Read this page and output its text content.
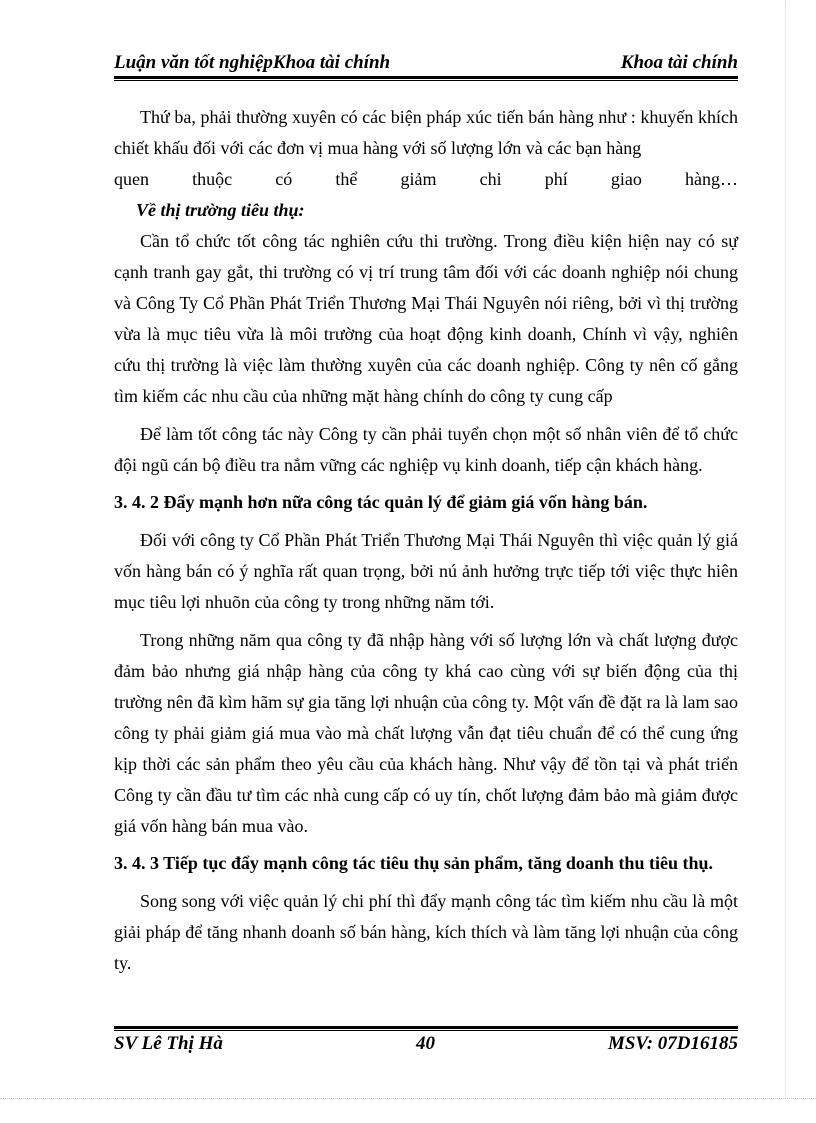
Luận văn tốt nghiệpKhoa tài chính	Khoa tài chính

Thứ ba, phải thường xuyên có các biện pháp xúc tiến bán hàng như : khuyến khích chiết khấu đối với các đơn vị mua hàng với số lượng lớn và các bạn hàng

quen thuộc có thể giảm chi phí giao hàng…

Về thị trường tiêu thụ:

Cần tổ chức tốt công tác nghiên cứu thi trường. Trong điều kiện hiện nay có sự cạnh tranh gay gắt, thi trường có vị trí trung tâm đối với các doanh nghiệp nói chung và Công Ty Cổ Phần Phát Triển Thương Mại Thái Nguyên nói riêng, bởi vì thị trường vừa là mục tiêu vừa là môi trường của hoạt động kinh doanh, Chính vì vậy, nghiên cứu thị trường là việc làm thường xuyên của các doanh nghiệp. Công ty nên cố gắng tìm kiếm các nhu cầu của những mặt hàng chính do công ty cung cấp

Để làm tốt công tác này Công ty cần phải tuyển chọn một số nhân viên để tổ chức đội ngũ cán bộ điều tra nắm vững các nghiệp vụ kinh doanh, tiếp cận khách hàng.

3. 4. 2 Đẩy mạnh hơn nữa công tác quản lý để giảm giá vốn hàng bán.

Đối với công ty Cổ Phần Phát Triển Thương Mại Thái Nguyên thì việc quản lý giá vốn hàng bán có ý nghĩa rất quan trọng, bởi nú ảnh hưởng trực tiếp tới việc thực hiên mục tiêu lợi nhuõn của công ty trong những năm tới.

Trong những năm qua công ty đã nhập hàng với số lượng lớn và chất lượng được đảm bảo nhưng giá nhập hàng của công ty khá cao cùng với sự biến động của thị trường nên đã kìm hãm sự gia tăng lợi nhuận của công ty. Một vấn đề đặt ra là lam sao công ty phải giảm giá mua vào mà chất lượng vẫn đạt tiêu chuẩn để có thể cung ứng kịp thời các sản phẩm theo yêu cầu của khách hàng. Như vậy để tồn tại và phát triển Công ty cần đầu tư tìm các nhà cung cấp có uy tín, chốt lượng đảm bảo mà giảm được giá vốn hàng bán mua vào.

3. 4. 3 Tiếp tục đẩy mạnh công tác tiêu thụ sản phẩm, tăng doanh thu tiêu thụ.

Song song với việc quản lý chi phí thì đẩy mạnh công tác tìm kiếm nhu cầu là một giải pháp để tăng nhanh doanh số bán hàng, kích thích và làm tăng lợi nhuận của công ty.

SV Lê Thị Hà	40	MSV: 07D16185
